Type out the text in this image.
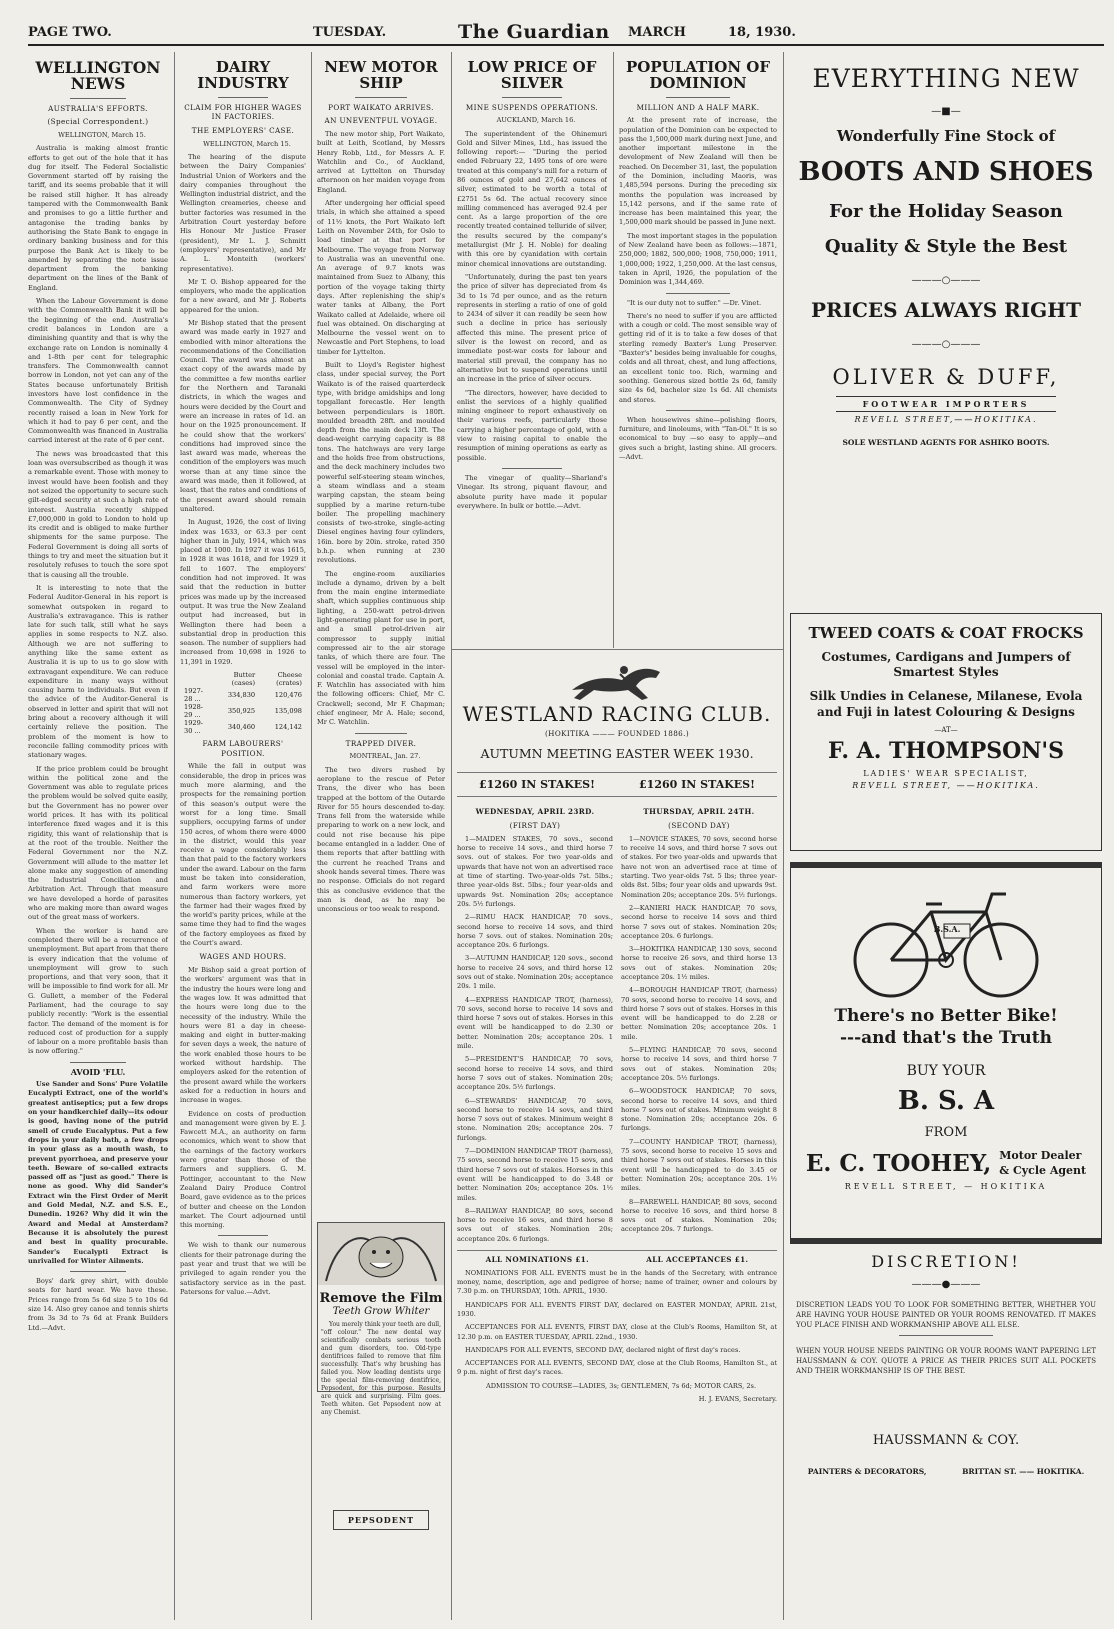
PAGE TWO.	TUESDAY.	The Guardian MARCH	18, 1930.
WELLINGTON NEWS
AUSTRALIA'S EFFORTS.
(Special Correspondent.)
WELLINGTON, March 15.

Australia is making almost frantic efforts to get out of the hole that it has dug for itself. The Federal Socialistic Government started off by raising the tariff, and its seems probable that it will be raised still higher. It has already tampered with the Commonwealth Bank and promises to go a little further and antagonise the trading banks by authorising the State Bank to engage in ordinary banking business and for this purpose the Bank Act is likely to be amended by separating the note issue department from the banking department on the lines of the Bank of England.

When the Labour Government is done with the Commonwealth Bank it will be the beginning of the end. Australia's credit balances in London are a diminishing quantity and that is why the exchange rate on London is nominally 4 and 1-8th per cent for telegraphic transfers. The Commonwealth cannot borrow in London, not yet can any of the States because unfortunately British investors have lost confidence in the Commonwealth. The City of Sydney recently raised a loan in New York for which it had to pay 6 per cent, and the Commonwealth was financed in Australia carried interest at the rate of 6 per cent.

The news was broadcasted that this loan was oversubscribed as though it was a remarkable event. Those with money to invest would have been foolish and they not seized the opportunity to secure such gilt-edged security at such a high rate of interest. Australia recently shipped £7,000,000 in gold to London to hold up its credit and is obliged to make further shipments for the same purpose. The Federal Government is doing all sorts of things to try and meet the situation but it resolutely refuses to touch the sore spot that is causing all the trouble.

It is interesting to note that the Federal Auditor-General in his report is somewhat outspoken in regard to Australia's extravagance. This is rather late for such talk, still what he says applies in some respects to N.Z. also. Although we are not suffering to anything like the same extent as Australia it is up to us to go slow with extravagant expenditure. We can reduce expenditure in many ways without causing harm to individuals. But even if the advice of the Auditor-General is observed in letter and spirit that will not bring about a recovery although it will certainly relieve the position. The problem of the moment is how to reconcile falling commodity prices with stationary wages.

If the price problem could be brought within the political zone and the Government was able to regulate prices the problem would be solved quite easily, but the Government has no power over world prices. It has with its political interference fixed wages and it is this rigidity, this want of relationship that is at the root of the trouble. Neither the Federal Government nor the N.Z. Government will allude to the matter let alone make any suggestion of amending the Industrial Conciliation and Arbitration Act. Through that measure we have developed a horde of parasites who are making more than award wages out of the great mass of workers.

When the worker is hand are completed there will be a recurrence of unemployment. But apart from that there is every indication that the volume of unemployment will grow to such proportions, and that very soon, that it will be impossible to find work for all. Mr G. Gullett, a member of the Federal Parliament, had the courage to say publicly recently: "Work is the essential factor. The demand of the moment is for reduced cost of production for a supply of labour on a more profitable basis than is now offering."

AVOID 'FLU.

Use Sander and Sons' Pure Volatile Eucalypti Extract, one of the world's greatest antiseptics; put a few drops on your handkerchief daily—its odour is good, having none of the putrid smell of crude Eucalyptus. Put a few drops in your daily bath, a few drops in your glass as a mouth wash, to prevent pyorrhoea, and preserve your teeth. Beware of so-called extracts passed off as "just as good." There is none as good. Why did Sander's Extract win the First Order of Merit and Gold Medal, N.Z. and S.S. E., Dunedin. 1926? Why did it win the Award and Medal at Amsterdam? Because it is absolutely the purest and best in quality procurable. Sander's Eucalypti Extract is unrivalled for Winter Ailments.

Boys' dark grey shirt, with double seats for hard wear. We have these. Prices range from 5s 6d size 5 to 10s 6d size 14. Also grey canoe and tennis shirts from 3s 3d to 7s 6d at Frank Builders Ltd.—Advt.

DAIRY INDUSTRY
CLAIM FOR HIGHER WAGES IN FACTORIES.
THE EMPLOYERS' CASE.
WELLINGTON, March 15.

The hearing of the dispute between the Dairy Companies' Industrial Union of Workers and the dairy companies throughout the Wellington industrial district, and the Wellington creameries, cheese and butter factories was resumed in the Arbitration Court yesterday before His Honour Mr Justice Fraser (president), Mr L. J. Schmitt (employers' representative), and Mr A. L. Monteith (workers' representative).

Mr T. O. Bishop appeared for the employers, who made the application for a new award, and Mr J. Roberts appeared for the union.

Mr Bishop stated that the present award was made early in 1927 and embodied with minor alterations the recommendations of the Conciliation Council. The award was almost an exact copy of the awards made by the committee a few months earlier for the Northern and Taranaki districts, in which the wages and hours were decided by the Court and were an increase in rates of 1d. an hour on the 1925 pronouncement. If he could show that the workers' conditions had improved since the last award was made, whereas the condition of the employers was much worse than at any time since the award was made, then it followed, at least, that the rates and conditions of the present award should remain unaltered.

In August, 1926, the cost of living index was 1633, or 63.3 per cent higher than in July, 1914, which was placed at 1000. In 1927 it was 1615, in 1928 it was 1618, and for 1929 it fell to 1607. The employers' condition had not improved. It was said that the reduction in butter prices was made up by the increased output. It was true the New Zealand output had increased, but in Wellington there had been a substantial drop in production this season. The number of suppliers had increased from 10,698 in 1926 to 11,391 in 1929.

	Butter (cases)	Cheese (crates)
1927-28 ...	334,830	120,476
1928-29 ...	350,925	135,098
1929-30 ...	340,460	124,142
FARM LABOURERS' POSITION.

While the fall in output was considerable, the drop in prices was much more alarming, and the prospects for the remaining portion of this season's output were the worst for a long time. Small suppliers, occupying farms of under 150 acres, of whom there were 4000 in the district, would this year receive a wage considerably less than that paid to the factory workers under the award. Labour on the farm must be taken into consideration, and farm workers were more numerous than factory workers, yet the farmer had their wages fixed by the world's parity prices, while at the same time they had to find the wages of the factory employees as fixed by the Court's award.

WAGES AND HOURS.

Mr Bishop said a great portion of the workers' argument was that in the industry the hours were long and the wages low. It was admitted that the hours were long due to the necessity of the industry. While the hours were 81 a day in cheese-making and eight in butter-making for seven days a week, the nature of the work enabled those hours to be worked without hardship. The employers asked for the retention of the present award while the workers asked for a reduction in hours and increase in wages.

Evidence on costs of production and management were given by E. J. Fawcett M.A., an authority on farm economics, which went to show that the earnings of the factory workers were greater than those of the farmers and suppliers. G. M. Pottinger, accountant to the New Zealand Dairy Produce Control Board, gave evidence as to the prices of butter and cheese on the London market. The Court adjourned until this morning.

We wish to thank our numerous clients for their patronage during the past year and trust that we will be privileged to again render you the satisfactory service as in the past. Patersons for value.—Advt.

NEW MOTOR SHIP
PORT WAIKATO ARRIVES.
AN UNEVENTFUL VOYAGE.

The new motor ship, Port Waikato, built at Leith, Scotland, by Messrs Henry Robb, Ltd., for Messrs A. F. Watchlin and Co., of Auckland, arrived at Lyttelton on Thursday afternoon on her maiden voyage from England.

After undergoing her official speed trials, in which she attained a speed of 11½ knots, the Port Waikato left Leith on November 24th, for Oslo to load timber at that port for Melbourne. The voyage from Norway to Australia was an uneventful one. An average of 9.7 knots was maintained from Suez to Albany, this portion of the voyage taking thirty days. After replenishing the ship's water tanks at Albany, the Port Waikato called at Adelaide, where oil fuel was obtained. On discharging at Melbourne the vessel went on to Newcastle and Port Stephens, to load timber for Lyttelton.

Built to Lloyd's Register highest class, under special survey, the Port Waikato is of the raised quarterdeck type, with bridge amidships and long topgallant forecastle. Her length between perpendiculars is 180ft. moulded breadth 28ft. and moulded depth from the main deck 13ft. The dead-weight carrying capacity is 88 tons. The hatchways are very large and the holds free from obstructions, and the deck machinery includes two powerful self-steering steam winches, a steam windlass and a steam warping capstan, the steam being supplied by a marine return-tube boiler. The propelling machinery consists of two-stroke, single-acting Diesel engines having four cylinders, 16in. bore by 20in. stroke, rated 350 b.h.p. when running at 230 revolutions.

The engine-room auxiliaries include a dynamo, driven by a belt from the main engine intermediate shaft, which supplies continuous ship lighting, a 250-watt petrol-driven light-generating plant for use in port, and a small petrol-driven air compressor to supply initial compressed air to the air storage tanks, of which there are four. The vessel will be employed in the inter-colonial and coastal trade. Captain A. F. Watchlin has associated with him the following officers: Chief, Mr C. Crackwell; second, Mr F. Chapman; chief engineer, Mr A. Hale; second, Mr C. Watchlin.

TRAPPED DIVER.
MONTREAL, Jan. 27.

The two divers rushed by aeroplane to the rescue of Peter Trans, the diver who has been trapped at the bottom of the Outarde River for 55 hours descended to-day. Trans fell from the waterside while preparing to work on a new lock, and could not rise because his pipe became entangled in a ladder. One of them reports that after battling with the current he reached Trans and shook hands several times. There was no response. Officials do not regard this as conclusive evidence that the man is dead, as he may be unconscious or too weak to respond.

Remove the Film
Teeth Grow Whiter

You merely think your teeth are dull, "off colour." The new dental way scientifically combats serious tooth and gum disorders, too. Old-type dentifrices failed to remove that film successfully. That's why brushing has failed you. Now leading dentists urge the special film-removing dentifrice, Pepsodent, for this purpose. Results are quick and surprising. Film goes. Teeth whiten. Get Pepsodent now at any Chemist.

PEPSODENT
LOW PRICE OF SILVER
MINE SUSPENDS OPERATIONS.
AUCKLAND, March 16.

The superintendent of the Ohinemuri Gold and Silver Mines, Ltd., has issued the following report:— "During the period ended February 22, 1495 tons of ore were treated at this company's mill for a return of 86 ounces of gold and 27,642 ounces of silver, estimated to be worth a total of £2751 5s 6d. The actual recovery since milling commenced has averaged 92.4 per cent. As a large proportion of the ore recently treated contained telluride of silver, the results secured by the company's metallurgist (Mr J. H. Noble) for dealing with this ore by cyanidation with certain minor chemical innovations are outstanding.

"Unfortunately, during the past ten years the price of silver has depreciated from 4s 3d to 1s 7d per ounce, and as the return represents in sterling a ratio of one of gold to 2434 of silver it can readily be seen how such a decline in price has seriously affected this mine. The present price of silver is the lowest on record, and as immediate post-war costs for labour and material still prevail, the company has no alternative but to suspend operations until an increase in the price of silver occurs.

"The directors, however, have decided to enlist the services of a highly qualified mining engineer to report exhaustively on their various reefs, particularly those carrying a higher percentage of gold, with a view to raising capital to enable the resumption of mining operations as early as possible.

The vinegar of quality—Sharland's Vinegar. Its strong, piquant flavour, and absolute purity have made it popular everywhere. In bulk or bottle.—Advt.

POPULATION OF DOMINION
MILLION AND A HALF MARK.

At the present rate of increase, the population of the Dominion can be expected to pass the 1,500,000 mark during next June, and another important milestone in the development of New Zealand will then be reached. On December 31, last, the population of the Dominion, including Maoris, was 1,485,594 persons. During the preceding six months the population was increased by 15,142 persons, and if the same rate of increase has been maintained this year, the 1,500,000 mark should be passed in June next.

The most important stages in the population of New Zealand have been as follows:—1871, 250,000; 1882, 500,000; 1908, 750,000; 1911, 1,000,000; 1922, 1,250,000. At the last census, taken in April, 1926, the population of the Dominion was 1,344,469.

"It is our duty not to suffer." —Dr. Vinet.

There's no need to suffer if you are afflicted with a cough or cold. The most sensible way of getting rid of it is to take a few doses of that sterling remedy Baxter's Lung Preserver. "Baxter's" besides being invaluable for coughs, colds and all throat, chest, and lung affections, an excellent tonic too. Rich, warming and soothing. Generous sized bottle 2s 6d, family size 4s 6d, bachelor size 1s 6d. All chemists and stores.

When housewives shine—polishing floors, furniture, and linoleums, with "Tan-Ol." It is so economical to buy —so easy to apply—and gives such a bright, lasting shine. All grocers.—Advt.

WESTLAND RACING CLUB.
(HOKITIKA ——— FOUNDED 1886.)
AUTUMN MEETING EASTER WEEK 1930.
£1260 IN STAKES!	£1260 IN STAKES!
WEDNESDAY, APRIL 23RD.
(FIRST DAY)

1—MAIDEN STAKES, 70 sovs., second horse to receive 14 sovs., and third horse 7 sovs. out of stakes. For two year-olds and upwards that have not won an advertised race at time of starting. Two-year-olds 7st. 5lbs.; three year-olds 8st. 5lbs.; four year-olds and upwards 9st. Nomination 20s; acceptance 20s. 5½ furlongs.

2—RIMU HACK HANDICAP, 70 sovs., second horse to receive 14 sovs, and third horse 7 sovs. out of stakes. Nomination 20s; acceptance 20s. 6 furlongs.

3—AUTUMN HANDICAP, 120 sovs., second horse to receive 24 sovs, and third horse 12 sovs out of stake. Nomination 20s; acceptance 20s. 1 mile.

4—EXPRESS HANDICAP TROT, (harness), 70 sovs, second horse to receive 14 sovs and third horse 7 sovs out of stakes. Horses in this event will be handicapped to do 2.30 or better. Nomination 20s; acceptance 20s. 1 mile.

5—PRESIDENT'S HANDICAP, 70 sovs, second horse to receive 14 sovs, and third horse 7 sovs out of stakes. Nomination 20s; acceptance 20s. 5½ furlongs.

6—STEWARDS' HANDICAP, 70 sovs, second horse to receive 14 sovs, and third horse 7 sovs out of stakes. Minimum weight 8 stone. Nomination 20s; acceptance 20s. 7 furlongs.

7—DOMINION HANDICAP TROT (harness), 75 sovs, second horse to receive 15 sovs, and third horse 7 sovs out of stakes. Horses in this event will be handicapped to do 3.48 or better. Nomination 20s; acceptance 20s. 1½ miles.

8—RAILWAY HANDICAP, 80 sovs, second horse to receive 16 sovs, and third horse 8 sovs out of stakes. Nomination 20s; acceptance 20s. 6 furlongs.

THURSDAY, APRIL 24TH.
(SECOND DAY)

1—NOVICE STAKES, 70 sovs, second horse to receive 14 sovs, and third horse 7 sovs out of stakes. For two year-olds and upwards that have not won an advertised race at time of starting. Two year-olds 7st. 5 lbs; three year-olds 8st. 5lbs; four year olds and upwards 9st. Nomination 20s; acceptance 20s. 5½ furlongs.

2—KANIERI HACK HANDICAP, 70 sovs, second horse to receive 14 sovs and third horse 7 sovs out of stakes. Nomination 20s; acceptance 20s. 6 furlongs.

3—HOKITIKA HANDICAP, 130 sovs, second horse to receive 26 sovs, and third horse 13 sovs out of stakes. Nomination 20s; acceptance 20s. 1½ miles.

4—BOROUGH HANDICAP TROT, (harness) 70 sovs, second horse to receive 14 sovs, and third horse 7 sovs out of stakes. Horses in this event will be handicapped to do 2.28 or better. Nomination 20s; acceptance 20s. 1 mile.

5—FLYING HANDICAP, 70 sovs, second horse to receive 14 sovs, and third horse 7 sovs out of stakes. Nomination 20s; acceptance 20s. 5½ furlongs.

6—WOODSTOCK HANDICAP, 70 sovs, second horse to receive 14 sovs, and third horse 7 sovs out of stakes. Minimum weight 8 stone. Nomination 20s; acceptance 20s. 6 furlongs.

7—COUNTY HANDICAP TROT, (harness), 75 sovs, second horse to receive 15 sovs and third horse 7 sovs out of stakes. Horses in this event will be handicapped to do 3.45 or better. Nomination 20s; acceptance 20s. 1½ miles.

8—FAREWELL HANDICAP, 80 sovs, second horse to receive 16 sovs, and third horse 8 sovs out of stakes. Nomination 20s; acceptance 20s. 7 furlongs.

ALL NOMINATIONS £1.	ALL ACCEPTANCES £1.

NOMINATIONS FOR ALL EVENTS must be in the hands of the Secretary, with entrance money, name, description, age and pedigree of horse; name of trainer, owner and colours by 7.30 p.m. on THURSDAY, 10th. APRIL, 1930.

HANDICAPS FOR ALL EVENTS FIRST DAY, declared on EASTER MONDAY, APRIL 21st, 1930.

ACCEPTANCES FOR ALL EVENTS, FIRST DAY, close at the Club's Rooms, Hamilton St, at 12.30 p.m. on EASTER TUESDAY, APRIL 22nd., 1930.

HANDICAPS FOR ALL EVENTS, SECOND DAY, declared night of first day's races.

ACCEPTANCES FOR ALL EVENTS, SECOND DAY, close at the Club Rooms, Hamilton St., at 9 p.m. night of first day's races.

ADMISSION TO COURSE—LADIES, 3s; GENTLEMEN, 7s 6d; MOTOR CARS, 2s.

H. J. EVANS, Secretary.

EVERYTHING NEW
—■—
Wonderfully Fine Stock of
BOOTS AND SHOES
For the Holiday Season
Quality & Style the Best
———○———
PRICES ALWAYS RIGHT
———○———
OLIVER & DUFF,
FOOTWEAR IMPORTERS
REVELL STREET,——HOKITIKA.
SOLE WESTLAND AGENTS FOR ASHIKO BOOTS.
TWEED COATS & COAT FROCKS
Costumes, Cardigans and Jumpers of Smartest Styles
Silk Undies in Celanese, Milanese, Evola and Fuji in latest Colouring & Designs
—AT—
F. A. THOMPSON'S
LADIES' WEAR SPECIALIST,
REVELL STREET, ——HOKITIKA.
B.S.A.
There's no Better Bike!
---and that's the Truth
BUY YOUR
B. S. A
FROM
E. C. TOOHEY, Motor Dealer
& Cycle Agent
REVELL STREET, — HOKITIKA
DISCRETION!
———●———

DISCRETION LEADS YOU TO LOOK FOR SOMETHING BETTER, WHETHER YOU ARE HAVING YOUR HOUSE PAINTED OR YOUR ROOMS RENOVATED. IT MAKES YOU PLACE FINISH AND WORKMANSHIP ABOVE ALL ELSE.

WHEN YOUR HOUSE NEEDS PAINTING OR YOUR ROOMS WANT PAPERING LET HAUSSMANN & COY. QUOTE A PRICE AS THEIR PRICES SUIT ALL POCKETS AND THEIR WORKMANSHIP IS OF THE BEST.

HAUSSMANN & COY.
PAINTERS & DECORATORS,	BRITTAN ST. —— HOKITIKA.
